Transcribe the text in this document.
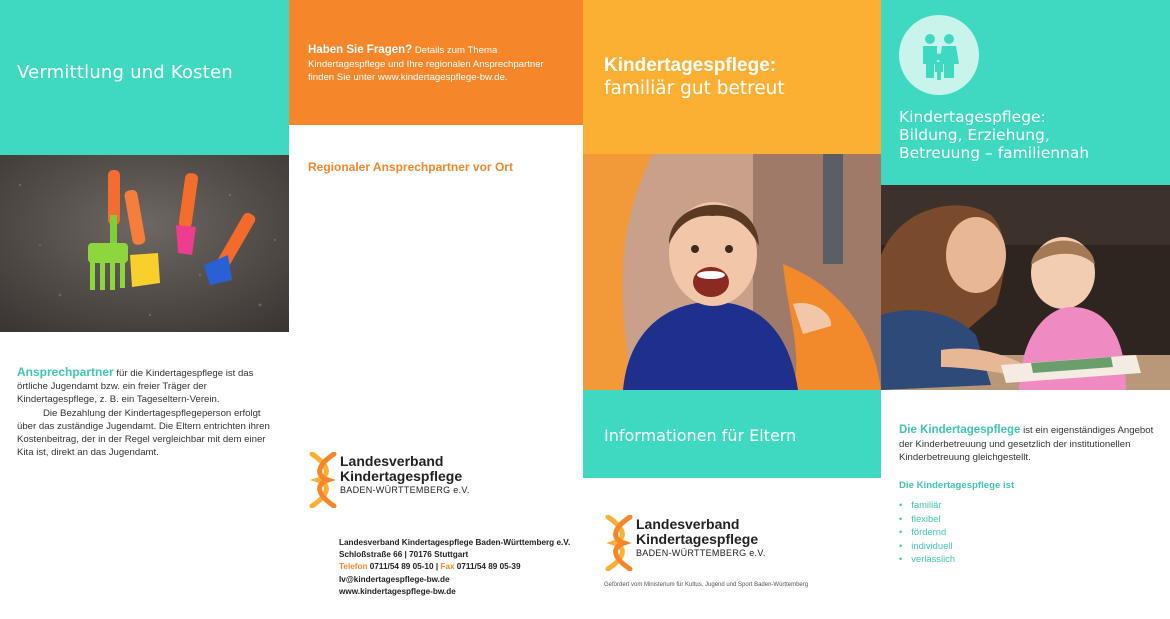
Vermittlung und Kosten
Ansprechpartner für die Kindertagespflege ist das örtliche Jugendamt bzw. ein freier Träger der Kindertagespflege, z. B. ein Tageseltern-Verein.
Die Bezahlung der Kindertagespflegeperson erfolgt über das zuständige Jugendamt. Die Eltern entrichten ihren Kostenbeitrag, der in der Regel vergleichbar mit dem einer Kita ist, direkt an das Jugendamt.
Haben Sie Fragen? Details zum Thema Kindertagespflege und Ihre regionalen Ansprechpartner finden Sie unter www.kindertagespflege-bw.de.
Regionaler Ansprechpartner vor Ort
Landesverband
Kindertagespflege
BADEN-WÜRTTEMBERG e.V.
Landesverband Kindertagespflege Baden-Württemberg e.V.
Schloßstraße 66 | 70176 Stuttgart
Telefon 0711/54 89 05-10 | Fax 0711/54 89 05-39
lv@kindertagespflege-bw.de
www.kindertagespflege-bw.de
Kindertagespflege:
familiär gut betreut
Informationen für Eltern
Landesverband
Kindertagespflege
BADEN-WÜRTTEMBERG e.V.
Gefördert vom Ministerium für Kultus, Jugend und Sport Baden-Württemberg
Kindertagespflege:
Bildung, Erziehung,
Betreuung – familiennah
Die Kindertagespflege ist ein eigenständiges Angebot der Kinderbetreuung und gesetzlich der institutionellen Kinderbetreuung gleichgestellt.
Die Kindertagespflege ist
• familiär
• flexibel
• fördernd
• individuell
• verlässlich
